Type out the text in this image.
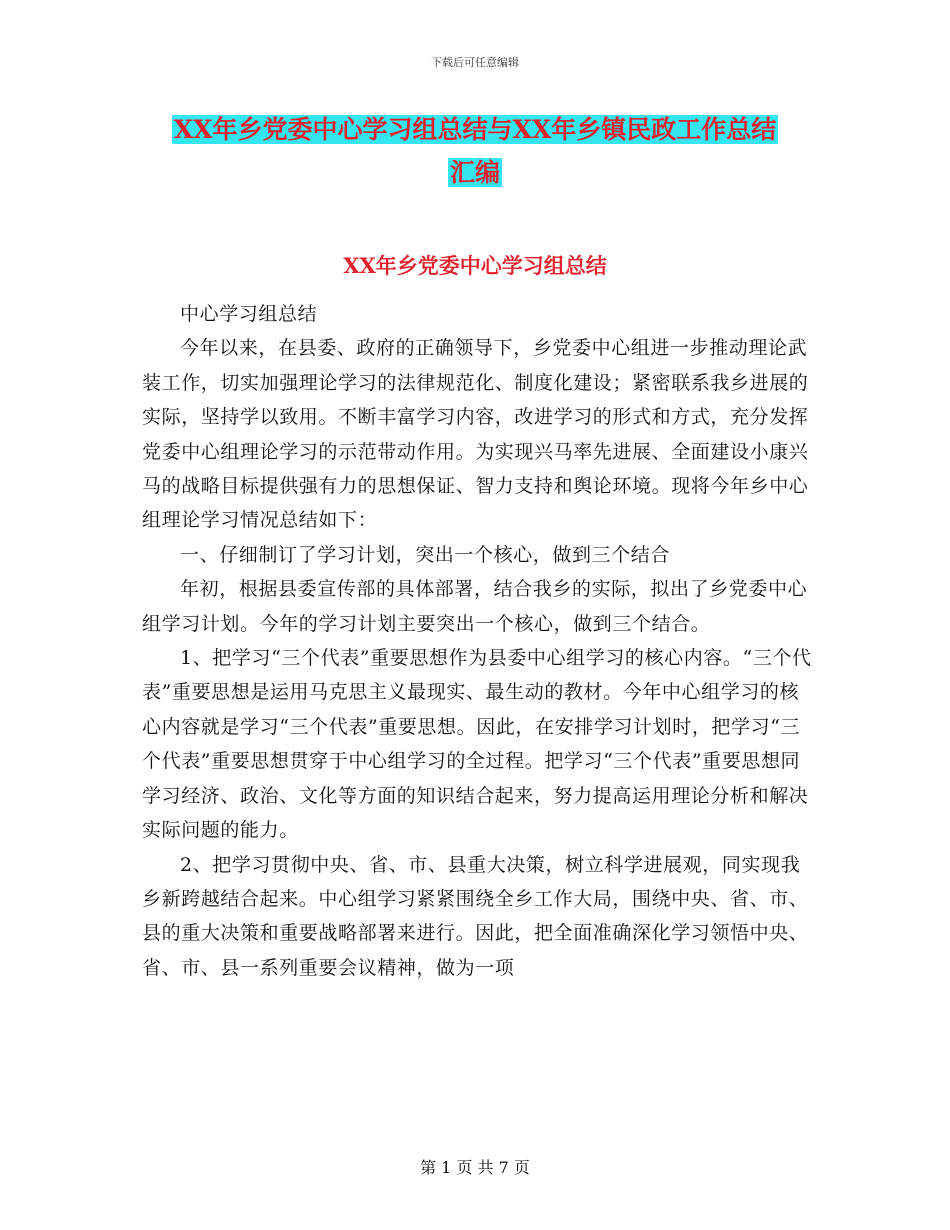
下载后可任意编辑
XX年乡党委中心学习组总结与XX年乡镇民政工作总结
汇编
XX年乡党委中心学习组总结

中心学习组总结

今年以来，在县委、政府的正确领导下，乡党委中心组进一步推动理论武装工作，切实加强理论学习的法律规范化、制度化建设；紧密联系我乡进展的实际，坚持学以致用。不断丰富学习内容，改进学习的形式和方式，充分发挥党委中心组理论学习的示范带动作用。为实现兴马率先进展、全面建设小康兴马的战略目标提供强有力的思想保证、智力支持和舆论环境。现将今年乡中心组理论学习情况总结如下：

一、仔细制订了学习计划，突出一个核心，做到三个结合

年初，根据县委宣传部的具体部署，结合我乡的实际，拟出了乡党委中心组学习计划。今年的学习计划主要突出一个核心，做到三个结合。

1、把学习“三个代表”重要思想作为县委中心组学习的核心内容。“三个代表”重要思想是运用马克思主义最现实、最生动的教材。今年中心组学习的核心内容就是学习“三个代表”重要思想。因此，在安排学习计划时，把学习“三个代表”重要思想贯穿于中心组学习的全过程。把学习“三个代表”重要思想同学习经济、政治、文化等方面的知识结合起来，努力提高运用理论分析和解决实际问题的能力。

2、把学习贯彻中央、省、市、县重大决策，树立科学进展观，同实现我乡新跨越结合起来。中心组学习紧紧围绕全乡工作大局，围绕中央、省、市、县的重大决策和重要战略部署来进行。因此，把全面准确深化学习领悟中央、省、市、县一系列重要会议精神，做为一项

第 1 页 共 7 页
